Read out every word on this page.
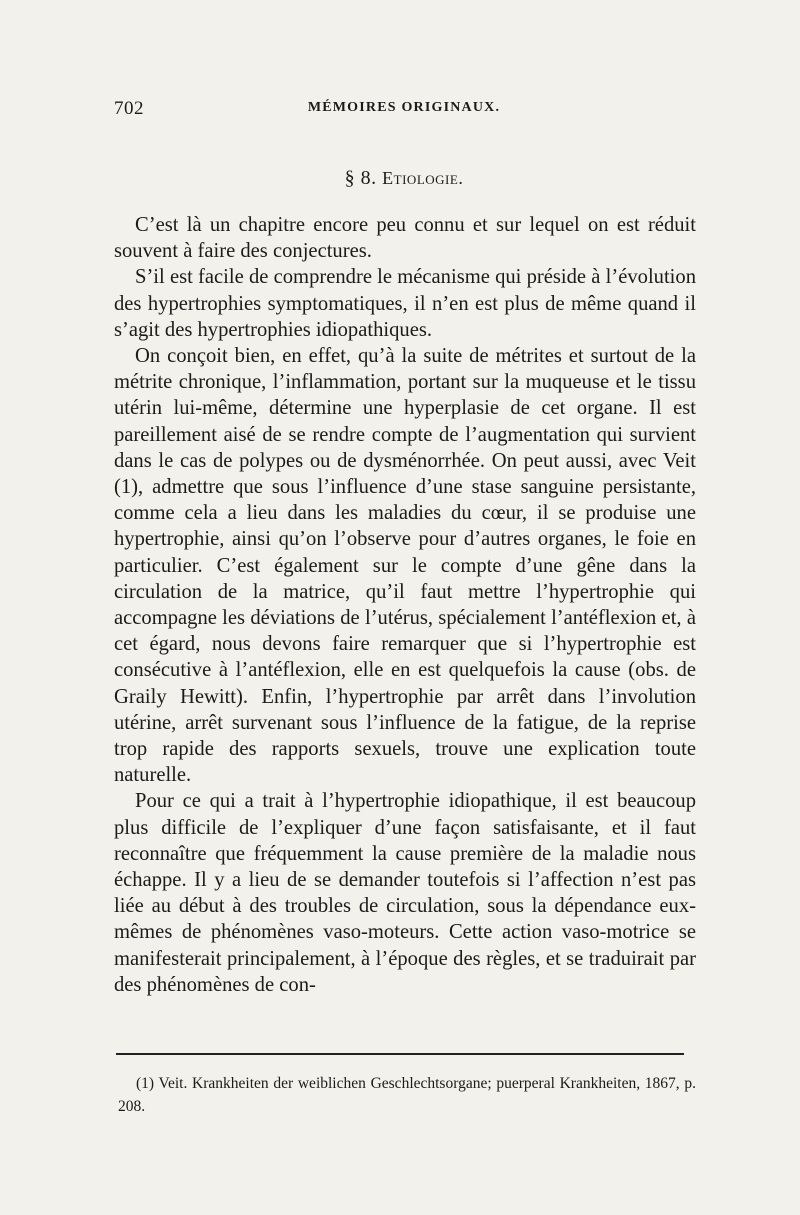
702	MÉMOIRES ORIGINAUX.
§ 8. Etiologie.

C’est là un chapitre encore peu connu et sur lequel on est réduit souvent à faire des conjectures.

S’il est facile de comprendre le mécanisme qui préside à l’évolution des hypertrophies symptomatiques, il n’en est plus de même quand il s’agit des hypertrophies idiopathiques.

On conçoit bien, en effet, qu’à la suite de métrites et surtout de la métrite chronique, l’inflammation, portant sur la muqueuse et le tissu utérin lui-même, détermine une hyperplasie de cet organe. Il est pareillement aisé de se rendre compte de l’augmentation qui survient dans le cas de polypes ou de dysménorrhée. On peut aussi, avec Veit (1), admettre que sous l’influence d’une stase sanguine persistante, comme cela a lieu dans les maladies du cœur, il se produise une hypertrophie, ainsi qu’on l’observe pour d’autres organes, le foie en particulier. C’est également sur le compte d’une gêne dans la circulation de la matrice, qu’il faut mettre l’hypertrophie qui accompagne les déviations de l’utérus, spécialement l’antéflexion et, à cet égard, nous devons faire remarquer que si l’hypertrophie est consécutive à l’antéflexion, elle en est quelquefois la cause (obs. de Graily Hewitt). Enfin, l’hypertrophie par arrêt dans l’involution utérine, arrêt survenant sous l’influence de la fatigue, de la reprise trop rapide des rapports sexuels, trouve une explication toute naturelle.

Pour ce qui a trait à l’hypertrophie idiopathique, il est beaucoup plus difficile de l’expliquer d’une façon satisfaisante, et il faut reconnaître que fréquemment la cause première de la maladie nous échappe. Il y a lieu de se demander toutefois si l’affection n’est pas liée au début à des troubles de circulation, sous la dépendance eux-mêmes de phénomènes vaso-moteurs. Cette action vaso-motrice se manifesterait principalement, à l’époque des règles, et se traduirait par des phénomènes de con-

(1) Veit. Krankheiten der weiblichen Geschlechtsorgane; puerperal Krankheiten, 1867, p. 208.
